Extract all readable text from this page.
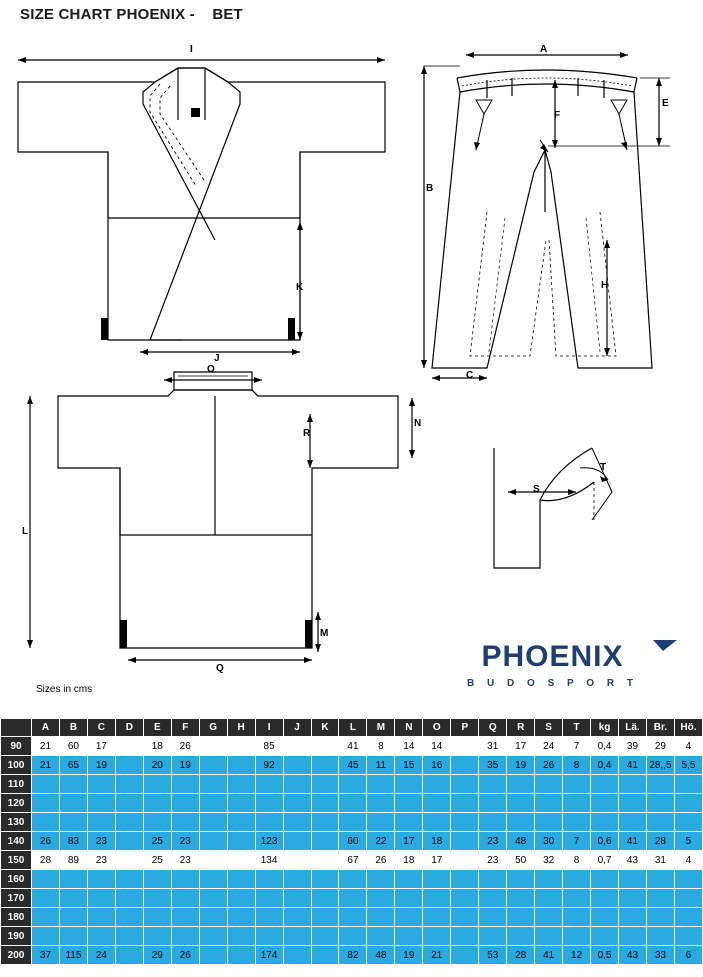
SIZE CHART PHOENIX -    BET
I
K
J
A
E
F
B
H
C
O
N
R
L
M
Q
T
S
Sizes in cms
PHOENIX
B U D O S P O R T
	A	B	C	D	E	F	G	H	I	J	K	L	M	N	O	P	Q	R	S	T	kg	Lä.	Br.	Hö.
90	21	60	17		18	26			85			41	8	14	14		31	17	24	7	0,4	39	29	4
100	21	65	19		20	19			92			45	11	15	16		35	19	26	8	0,4	41	28,,5	5,5
110																								
120																								
130																								
140	26	83	23		25	23			123			60	22	17	18		23	48	30	7	0,6	41	28	5
150	28	89	23		25	23			134			67	26	18	17		23	50	32	8	0,7	43	31	4
160																								
170																								
180																								
190																								
200	37	115	24		29	26			174			82	48	19	21		53	28	41	12	0,5	43	33	6
